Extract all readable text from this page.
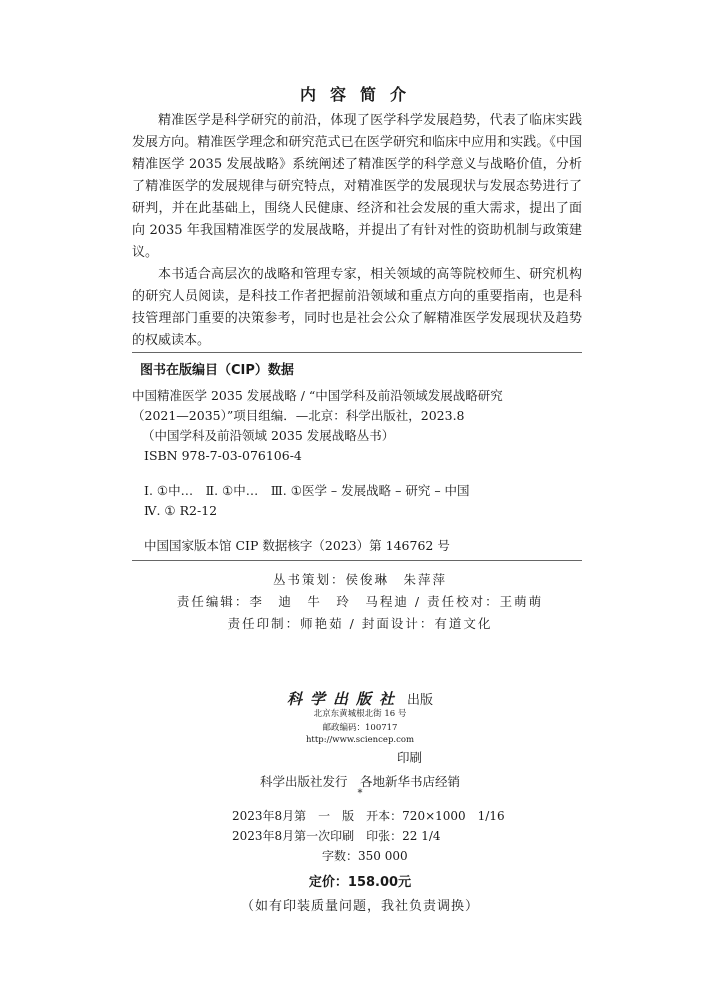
内容简介

精准医学是科学研究的前沿，体现了医学科学发展趋势，代表了临床实践发展方向。精准医学理念和研究范式已在医学研究和临床中应用和实践。《中国精准医学 2035 发展战略》系统阐述了精准医学的科学意义与战略价值，分析了精准医学的发展规律与研究特点，对精准医学的发展现状与发展态势进行了研判，并在此基础上，围绕人民健康、经济和社会发展的重大需求，提出了面向 2035 年我国精准医学的发展战略，并提出了有针对性的资助机制与政策建议。

本书适合高层次的战略和管理专家，相关领域的高等院校师生、研究机构的研究人员阅读，是科技工作者把握前沿领域和重点方向的重要指南，也是科技管理部门重要的决策参考，同时也是社会公众了解精准医学发展现状及趋势的权威读本。

图书在版编目（CIP）数据
中国精准医学 2035 发展战略 / “中国学科及前沿领域发展战略研究
（2021—2035）”项目组编．—北京：科学出版社，2023.8
（中国学科及前沿领域 2035 发展战略丛书）
ISBN 978-7-03-076106-4
Ⅰ. ①中…　Ⅱ. ①中…　Ⅲ. ①医学 – 发展战略 – 研究 – 中国
Ⅳ. ① R2-12
中国国家版本馆 CIP 数据核字（2023）第 146762 号
丛书策划：侯俊琳　朱萍萍
责任编辑：李　迪　牛　玲　马程迪 / 责任校对：王萌萌
责任印制：师艳茹 / 封面设计：有道文化
科学出版社 出版
北京东黄城根北街 16 号
邮政编码：100717
http://www.sciencep.com
印刷
科学出版社发行　各地新华书店经销
*
2023年8月第　一　版　开本：720×1000　1/16
2023年8月第一次印刷　印张：22 1/4
字数：350 000
定价：158.00元
（如有印装质量问题，我社负责调换）
